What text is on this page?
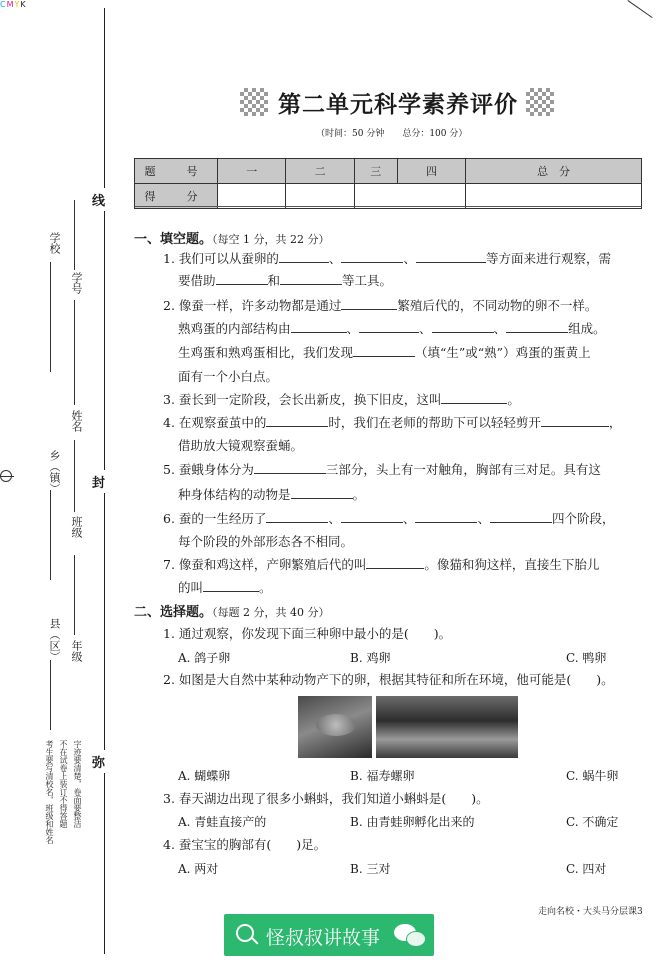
CMYK
线
封
弥
学校
学号
乡（镇）
姓名
班级
县（区） 年级
考生要写清校名，班级和姓名 不在试卷上装订不得答题 字迹要清楚，卷面要整洁
第二单元科学素养评价
（时间：50 分钟　　总分：100 分）
题　号	一	二	三	四	总　分
得　分				
一、填空题。（每空 1 分，共 22 分）
1. 我们可以从蚕卵的	、	、	等方面来进行观察，需
要借助	和	等工具。
2. 像蚕一样，许多动物都是通过	繁殖后代的，不同动物的卵不一样。
熟鸡蛋的内部结构由	、	、	、	组成。
生鸡蛋和熟鸡蛋相比，我们发现	（填“生”或“熟”）鸡蛋的蛋黄上
面有一个小白点。
3. 蚕长到一定阶段，会长出新皮，换下旧皮，这叫	。
4. 在观察蚕茧中的	时，我们在老师的帮助下可以轻轻剪开	，
借助放大镜观察蚕蛹。
5. 蚕蛾身体分为	三部分，头上有一对触角，胸部有三对足。具有这
种身体结构的动物是	。
6. 蚕的一生经历了	、	、	、	四个阶段，
每个阶段的外部形态各不相同。
7. 像蚕和鸡这样，产卵繁殖后代的叫	。像猫和狗这样，直接生下胎儿
的叫	。
二、选择题。（每题 2 分，共 40 分）
1. 通过观察，你发现下面三种卵中最小的是(　　)。
A. 鸽子卵	B. 鸡卵	C. 鸭卵
2. 如图是大自然中某种动物产下的卵，根据其特征和所在环境，他可能是(　　)。
A. 蝴蝶卵	B. 福寿螺卵	C. 蜗牛卵
3. 春天湖边出现了很多小蝌蚪，我们知道小蝌蚪是(　　)。
A. 青蛙直接产的	B. 由青蛙卵孵化出来的	C. 不确定
4. 蚕宝宝的胸部有(　　)足。
A. 两对	B. 三对	C. 四对
走向名校・大头马分层课3
怪叔叔讲故事
